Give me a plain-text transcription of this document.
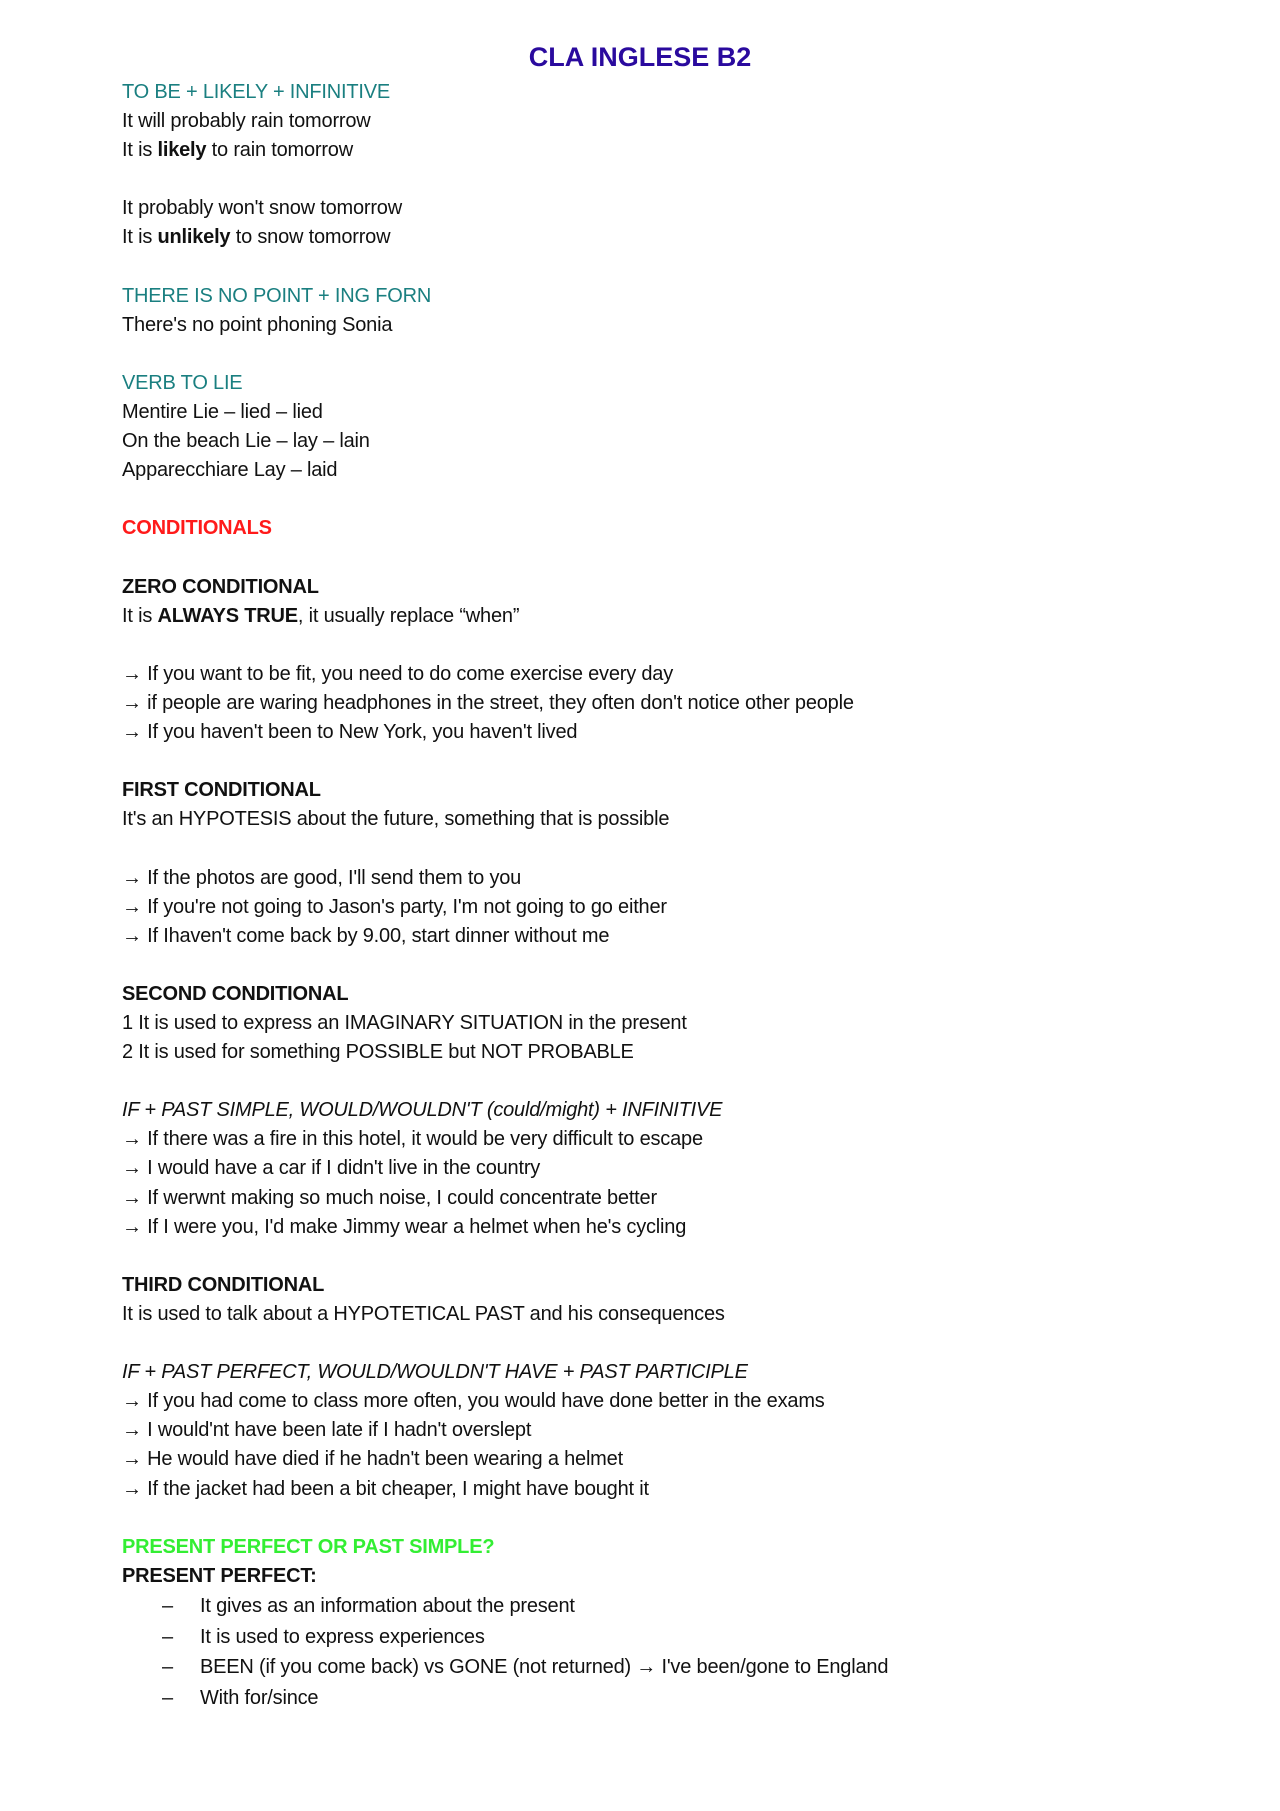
CLA INGLESE B2
TO BE + LIKELY + INFINITIVE
It will probably rain tomorrow
It is likely to rain tomorrow
It probably won't snow tomorrow
It is unlikely to snow tomorrow
THERE IS NO POINT + ING FORN
There's no point phoning Sonia
VERB TO LIE
Mentire Lie – lied – lied
On the beach Lie – lay – lain
Apparecchiare Lay – laid
CONDITIONALS
ZERO CONDITIONAL
It is ALWAYS TRUE, it usually replace “when”
→ If you want to be fit, you need to do come exercise every day
→ if people are waring headphones in the street, they often don't notice other people
→ If you haven't been to New York, you haven't lived
FIRST CONDITIONAL
It's an HYPOTESIS about the future, something that is possible
→ If the photos are good, I'll send them to you
→ If you're not going to Jason's party, I'm not going to go either
→ If Ihaven't come back by 9.00, start dinner without me
SECOND CONDITIONAL
1 It is used to express an IMAGINARY SITUATION in the present
2 It is used for something POSSIBLE but NOT PROBABLE
IF + PAST SIMPLE, WOULD/WOULDN'T (could/might) + INFINITIVE
→ If there was a fire in this hotel, it would be very difficult to escape
→ I would have a car if I didn't live in the country
→ If werwnt making so much noise, I could concentrate better
→ If I were you, I'd make Jimmy wear a helmet when he's cycling
THIRD CONDITIONAL
It is used to talk about a HYPOTETICAL PAST and his consequences
IF + PAST PERFECT, WOULD/WOULDN'T HAVE + PAST PARTICIPLE
→ If you had come to class more often, you would have done better in the exams
→ I would'nt have been late if I hadn't overslept
→ He would have died if he hadn't been wearing a helmet
→ If the jacket had been a bit cheaper, I might have bought it
PRESENT PERFECT OR PAST SIMPLE?
PRESENT PERFECT:
– It gives as an information about the present
– It is used to express experiences
– BEEN (if you come back) vs GONE (not returned) → I've been/gone to England
– With for/since
